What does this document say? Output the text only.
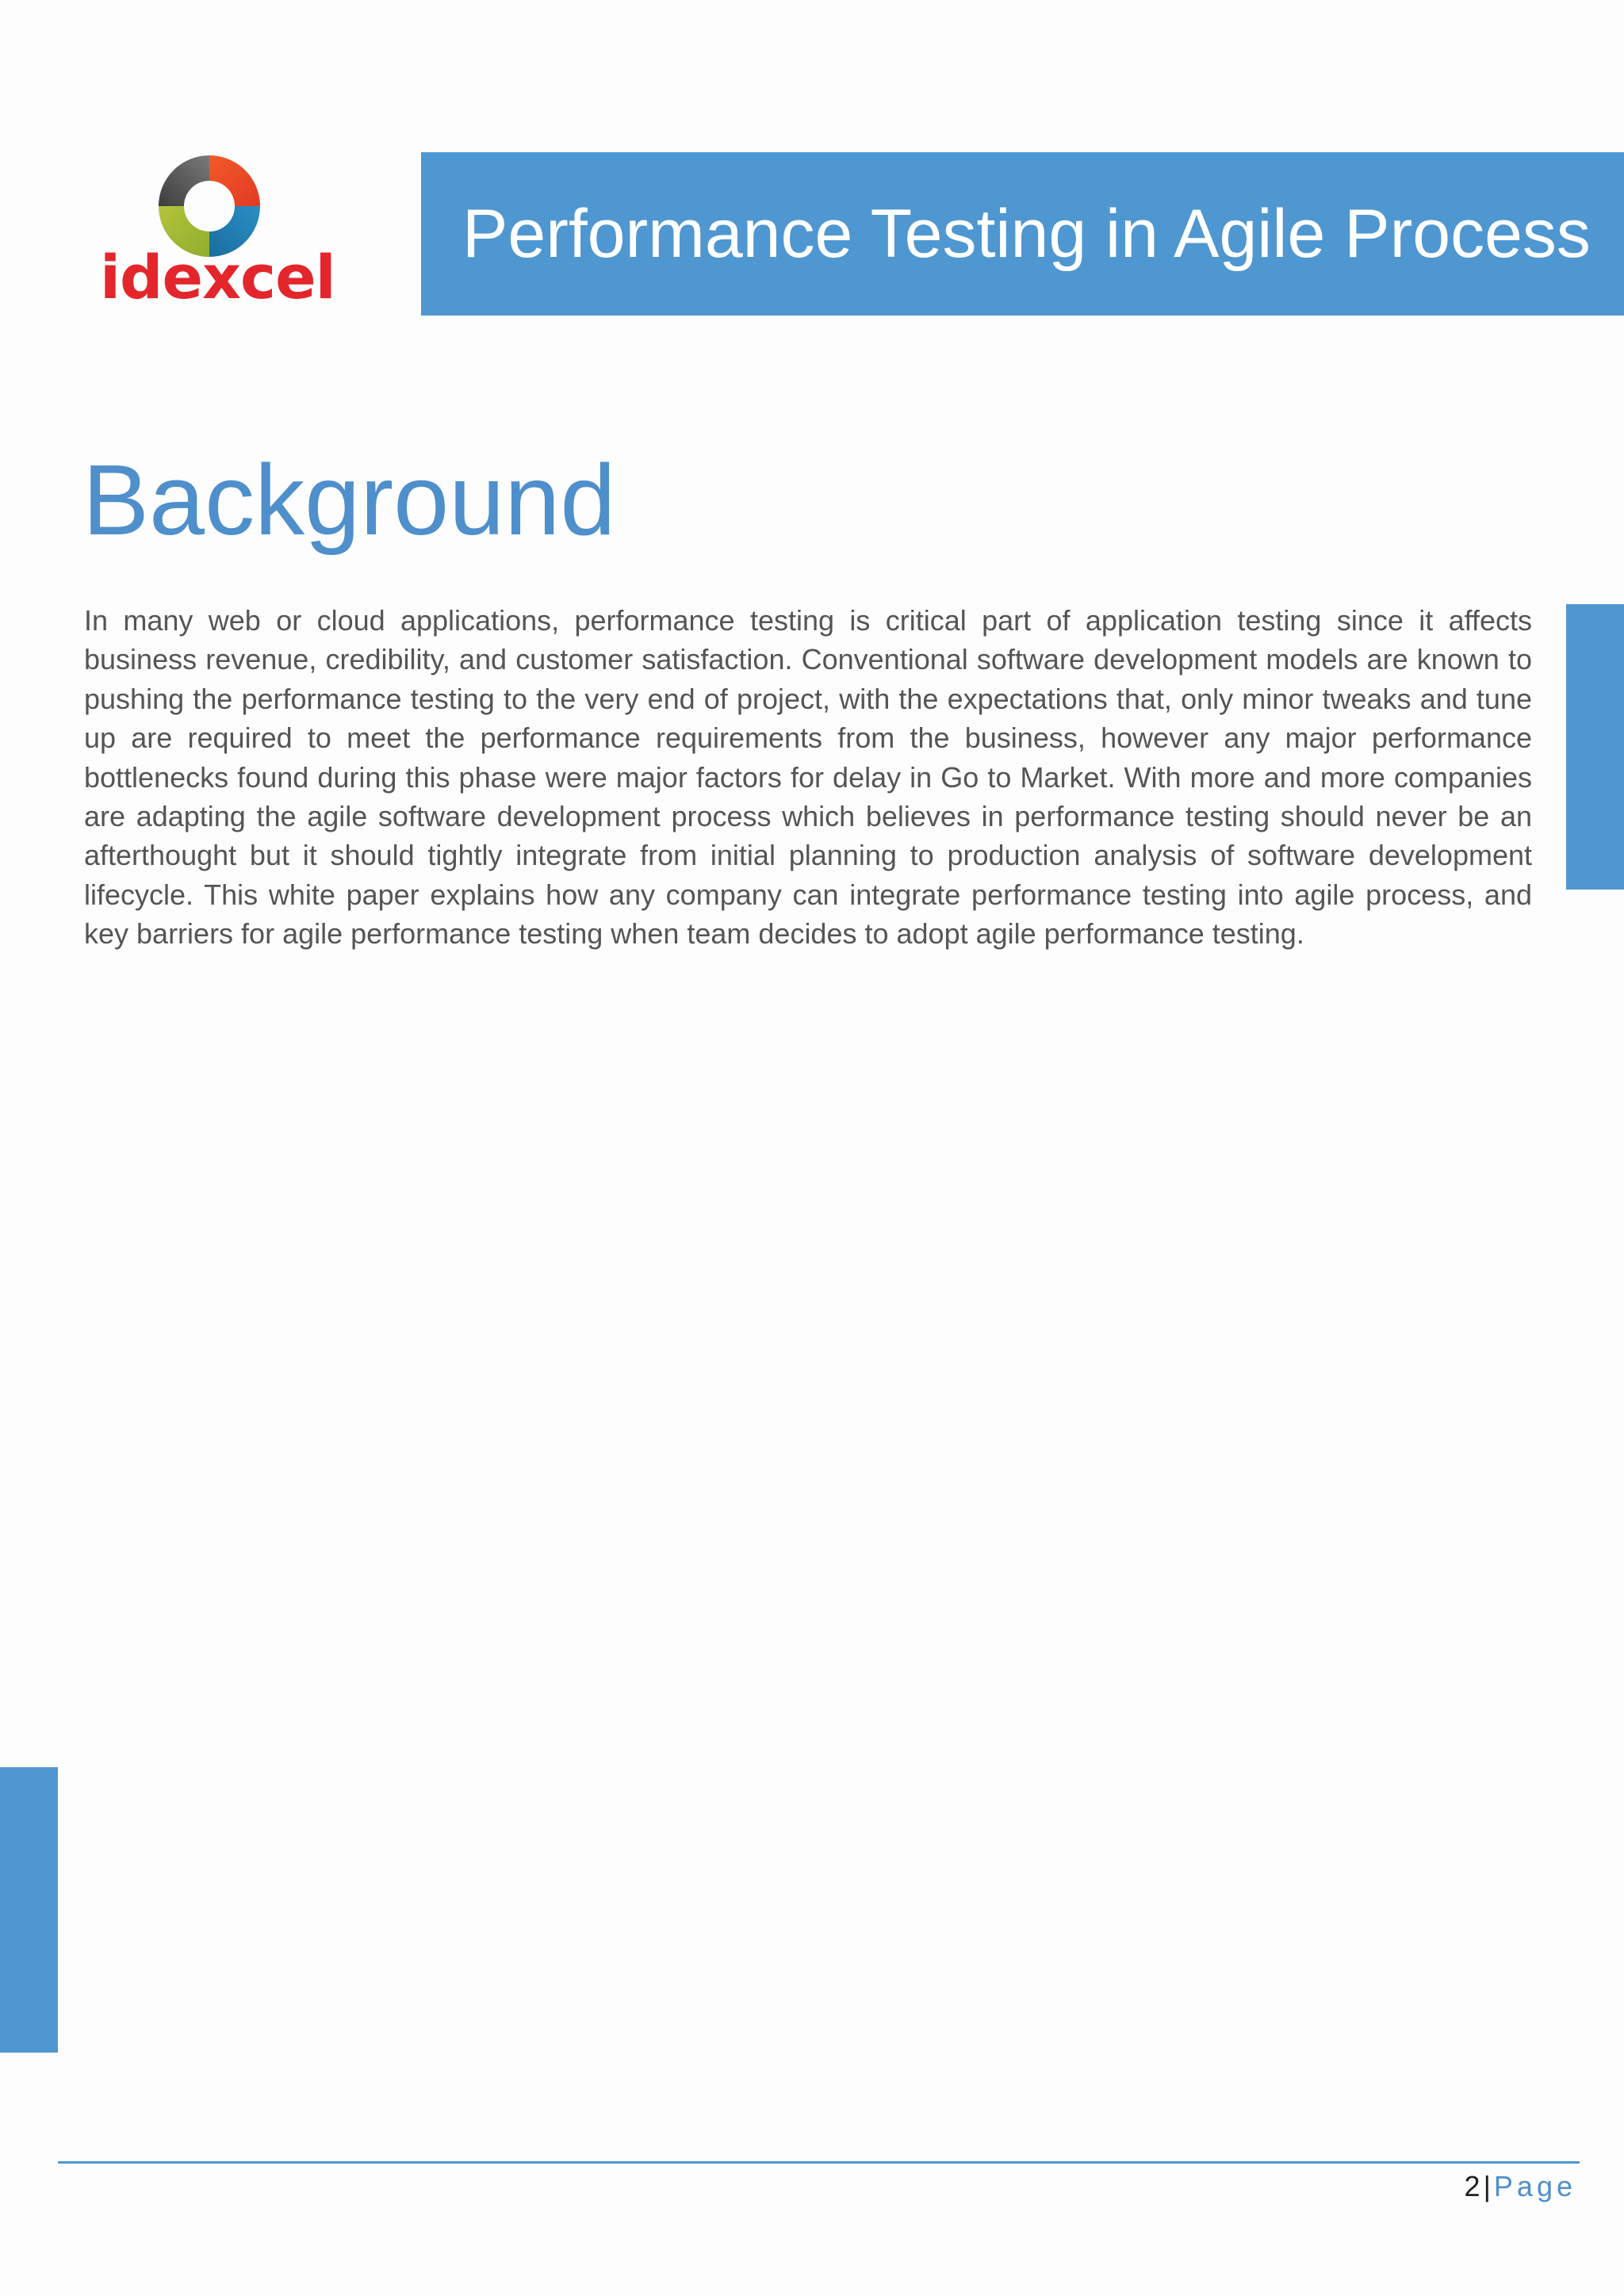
idexcel
Performance Testing in Agile Process
Background

In many web or cloud applications, performance testing is critical part of application testing since it affects business revenue, credibility, and customer satisfaction. Conventional software development models are known to pushing the performance testing to the very end of project, with the expectations that, only minor tweaks and tune up are required to meet the performance requirements from the business, however any major performance bottlenecks found during this phase were major factors for delay in Go to Market. With more and more companies are adapting the agile software development process which believes in performance testing should never be an afterthought but it should tightly integrate from initial planning to production analysis of software development lifecycle. This white paper explains how any company can integrate performance testing into agile process, and key barriers for agile performance testing when team decides to adopt agile performance testing.

2 | Page
